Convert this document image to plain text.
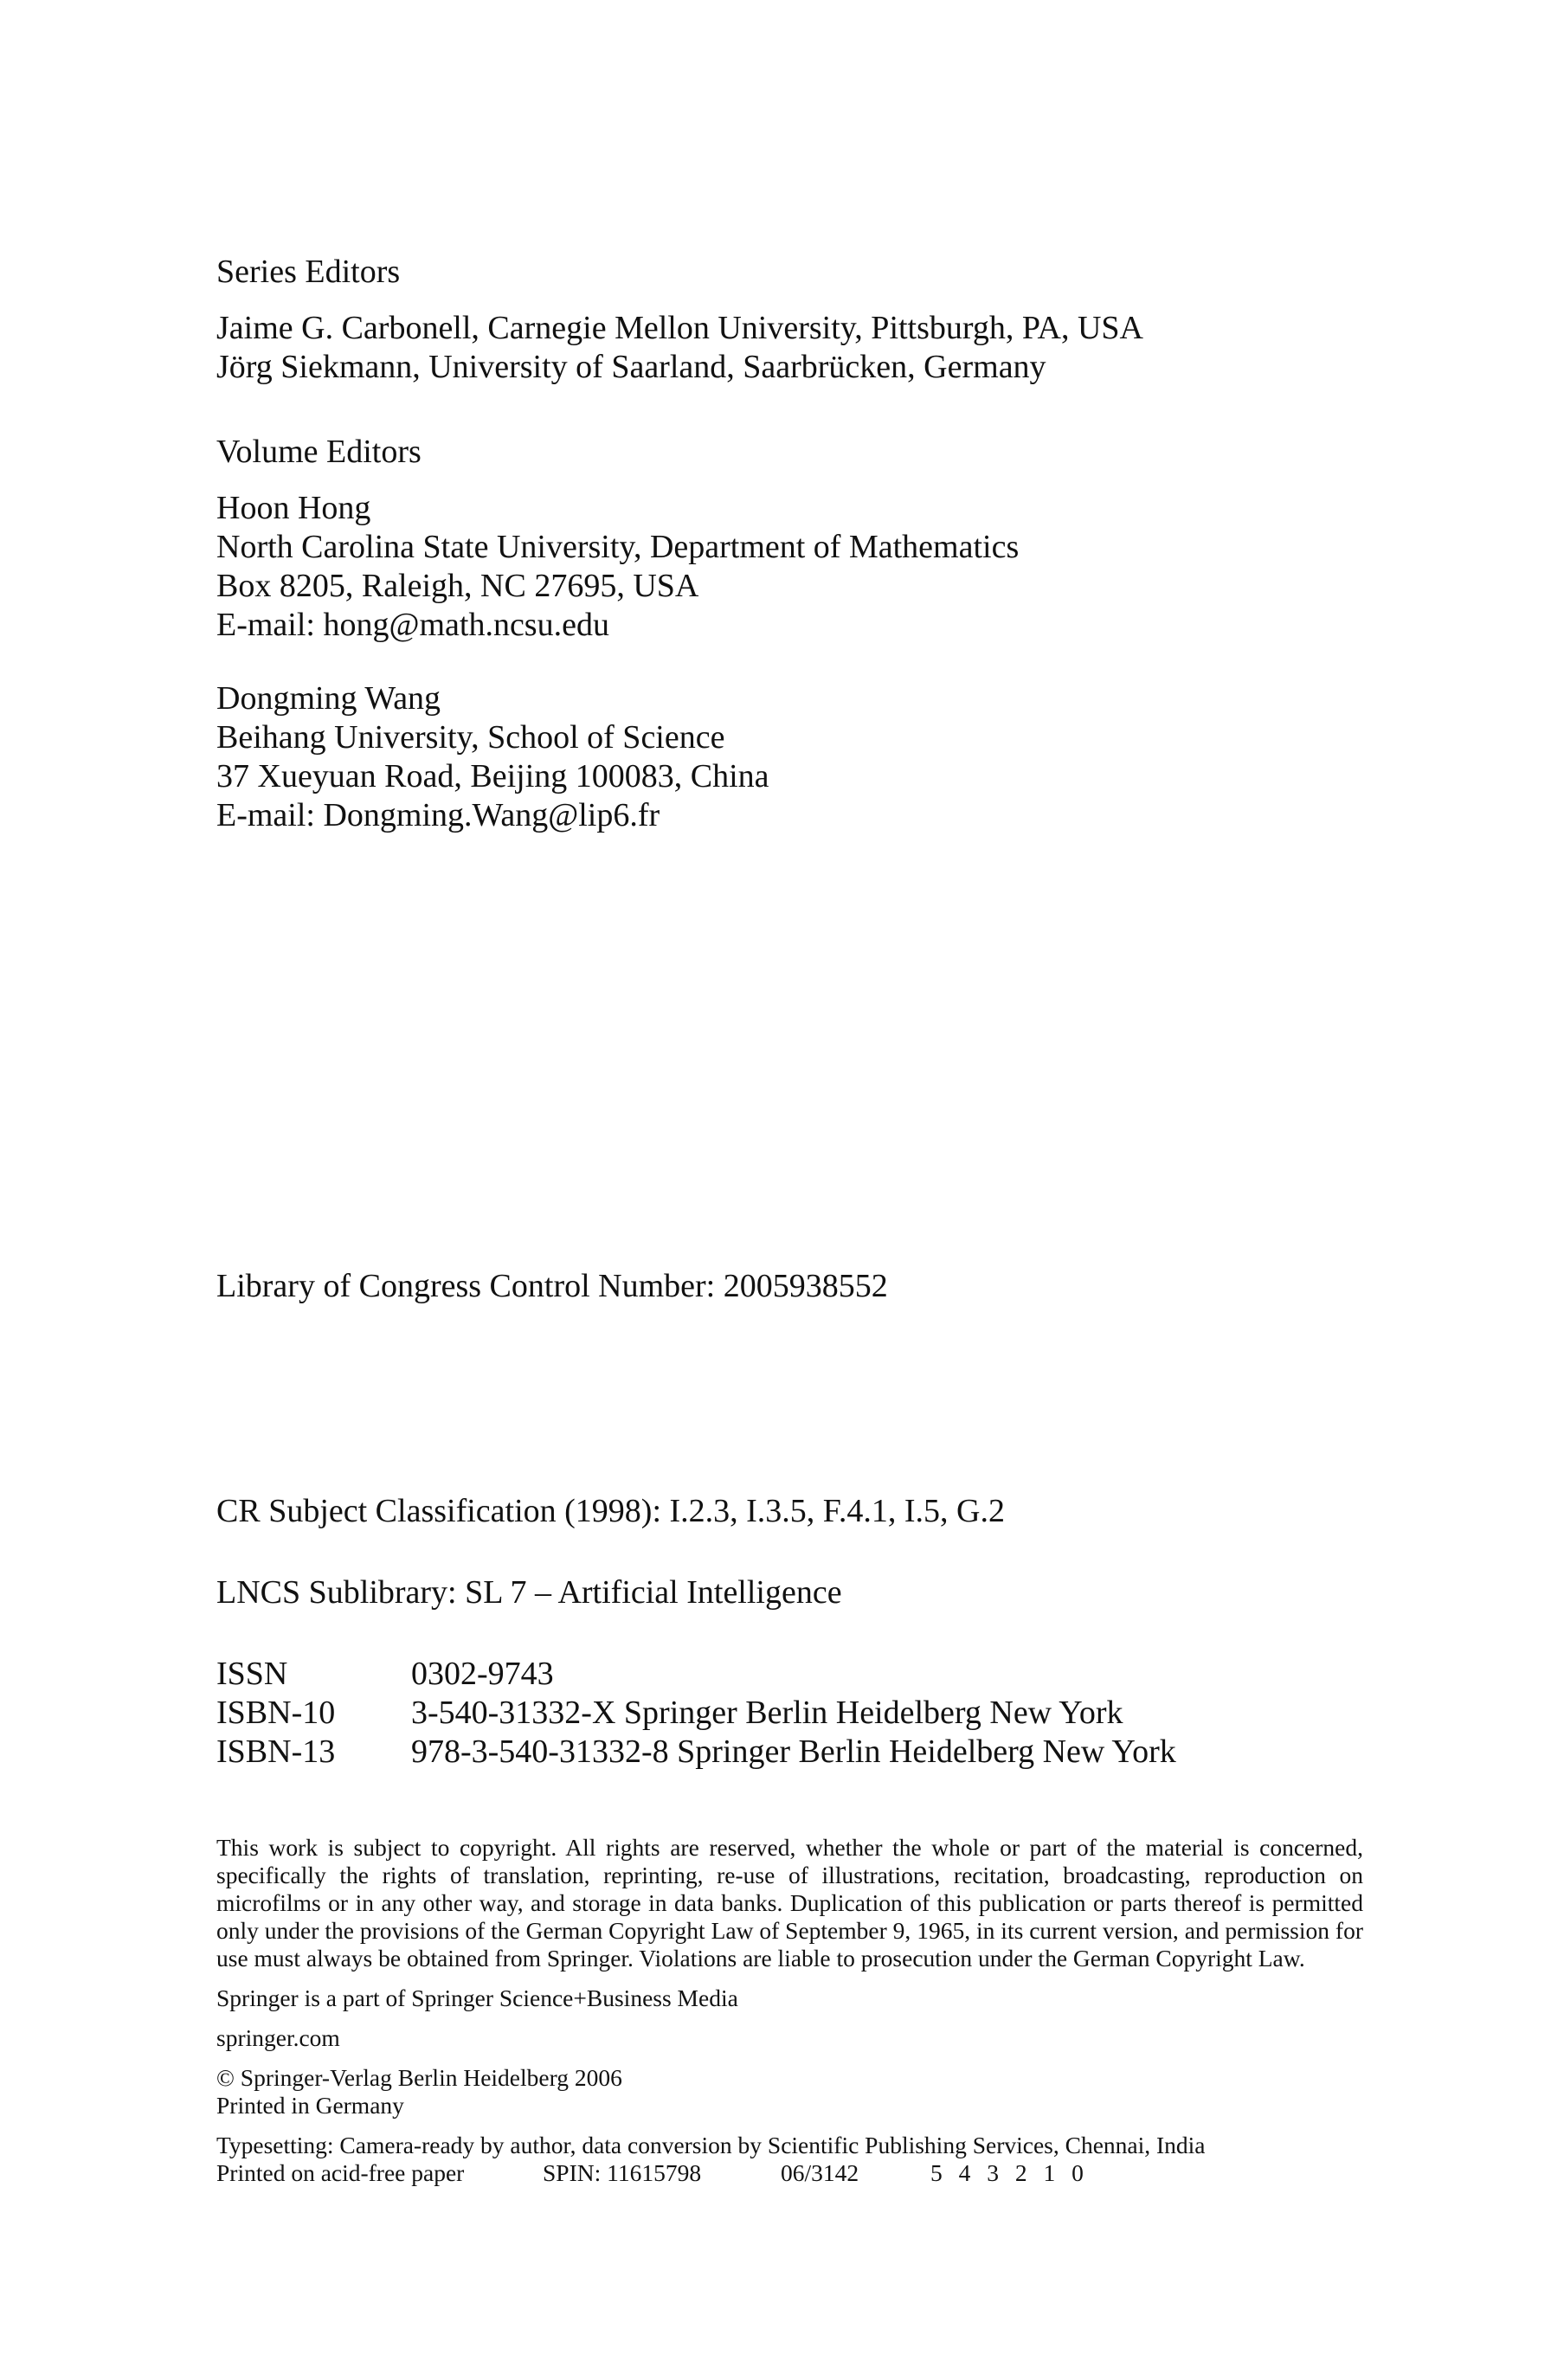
Series Editors
Jaime G. Carbonell, Carnegie Mellon University, Pittsburgh, PA, USA
Jörg Siekmann, University of Saarland, Saarbrücken, Germany
Volume Editors
Hoon Hong
North Carolina State University, Department of Mathematics
Box 8205, Raleigh, NC 27695, USA
E-mail: hong@math.ncsu.edu
Dongming Wang
Beihang University, School of Science
37 Xueyuan Road, Beijing 100083, China
E-mail: Dongming.Wang@lip6.fr
Library of Congress Control Number: 2005938552
CR Subject Classification (1998): I.2.3, I.3.5, F.4.1, I.5, G.2
LNCS Sublibrary: SL 7 – Artificial Intelligence
ISSN	0302-9743
ISBN-10	3-540-31332-X Springer Berlin Heidelberg New York
ISBN-13	978-3-540-31332-8 Springer Berlin Heidelberg New York
This work is subject to copyright. All rights are reserved, whether the whole or part of the material is concerned, specifically the rights of translation, reprinting, re-use of illustrations, recitation, broadcasting, reproduction on microfilms or in any other way, and storage in data banks. Duplication of this publication or parts thereof is permitted only under the provisions of the German Copyright Law of September 9, 1965, in its current version, and permission for use must always be obtained from Springer. Violations are liable to prosecution under the German Copyright Law.
Springer is a part of Springer Science+Business Media
springer.com
© Springer-Verlag Berlin Heidelberg 2006
Printed in Germany
Typesetting: Camera-ready by author, data conversion by Scientific Publishing Services, Chennai, India
Printed on acid-free paper	SPIN: 11615798	06/3142	5 4 3 2 1 0
